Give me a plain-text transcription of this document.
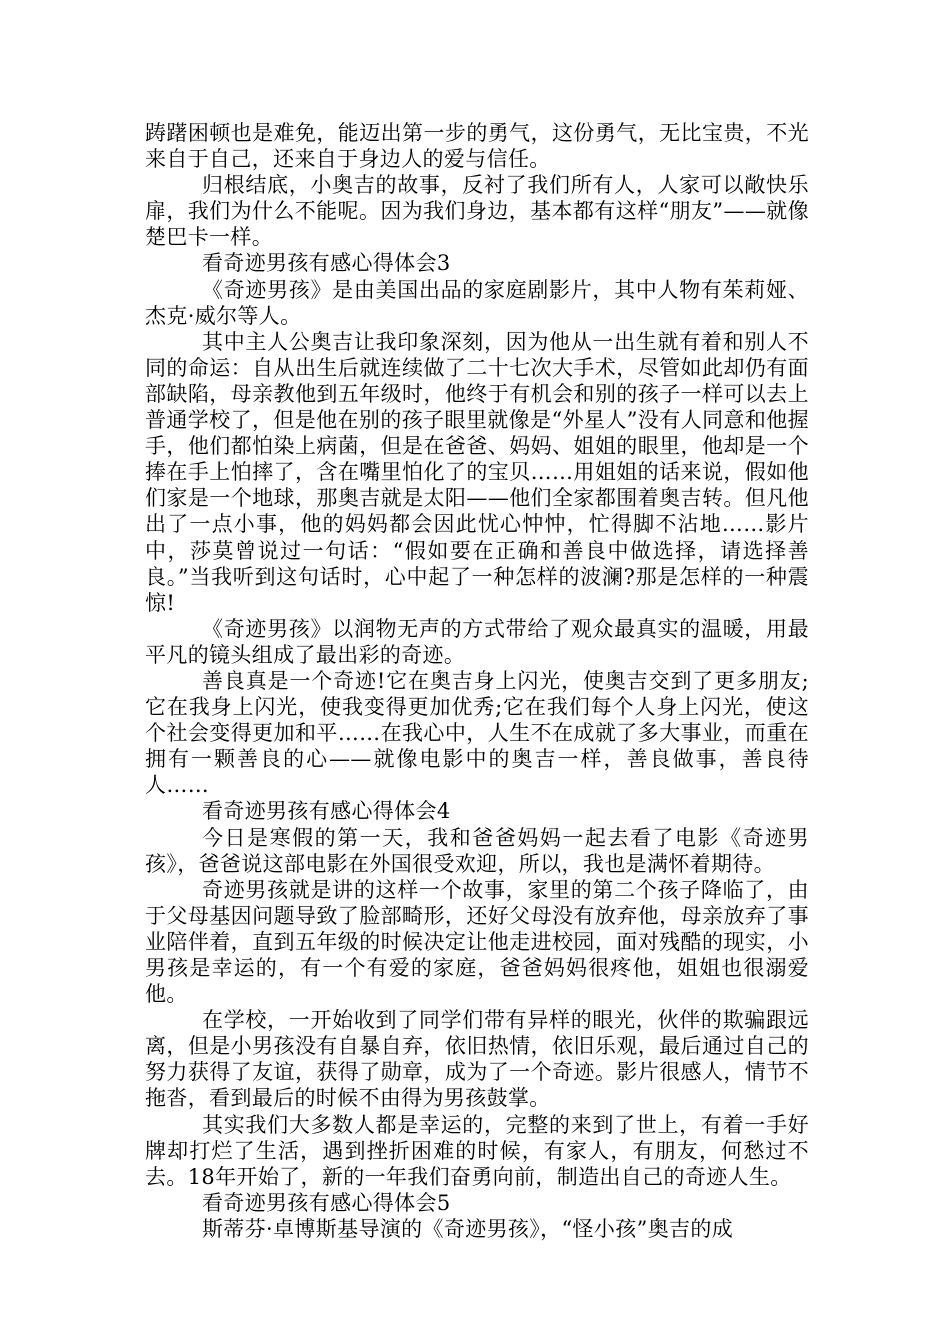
踌躇困顿也是难免，能迈出第一步的勇气，这份勇气，无比宝贵，不光来自于自己，还来自于身边人的爱与信任。

归根结底，小奥吉的故事，反衬了我们所有人，人家可以敞快乐扉，我们为什么不能呢。因为我们身边，基本都有这样“朋友”——就像楚巴卡一样。

看奇迹男孩有感心得体会3

《奇迹男孩》是由美国出品的家庭剧影片，其中人物有茱莉娅、杰克·威尔等人。

其中主人公奥吉让我印象深刻，因为他从一出生就有着和别人不同的命运：自从出生后就连续做了二十七次大手术，尽管如此却仍有面部缺陷，母亲教他到五年级时，他终于有机会和别的孩子一样可以去上普通学校了，但是他在别的孩子眼里就像是“外星人”没有人同意和他握手，他们都怕染上病菌，但是在爸爸、妈妈、姐姐的眼里，他却是一个捧在手上怕摔了，含在嘴里怕化了的宝贝……用姐姐的话来说，假如他们家是一个地球，那奥吉就是太阳——他们全家都围着奥吉转。但凡他出了一点小事，他的妈妈都会因此忧心忡忡，忙得脚不沾地……影片中，莎莫曾说过一句话：“假如要在正确和善良中做选择，请选择善良。”当我听到这句话时，心中起了一种怎样的波澜?那是怎样的一种震惊!

《奇迹男孩》以润物无声的方式带给了观众最真实的温暖，用最平凡的镜头组成了最出彩的奇迹。

善良真是一个奇迹!它在奥吉身上闪光，使奥吉交到了更多朋友;它在我身上闪光，使我变得更加优秀;它在我们每个人身上闪光，使这个社会变得更加和平……在我心中，人生不在成就了多大事业，而重在拥有一颗善良的心——就像电影中的奥吉一样，善良做事，善良待人……

看奇迹男孩有感心得体会4

今日是寒假的第一天，我和爸爸妈妈一起去看了电影《奇迹男孩》，爸爸说这部电影在外国很受欢迎，所以，我也是满怀着期待。

奇迹男孩就是讲的这样一个故事，家里的第二个孩子降临了，由于父母基因问题导致了脸部畸形，还好父母没有放弃他，母亲放弃了事业陪伴着，直到五年级的时候决定让他走进校园，面对残酷的现实，小男孩是幸运的，有一个有爱的家庭，爸爸妈妈很疼他，姐姐也很溺爱他。

在学校，一开始收到了同学们带有异样的眼光，伙伴的欺骗跟远离，但是小男孩没有自暴自弃，依旧热情，依旧乐观，最后通过自己的努力获得了友谊，获得了勋章，成为了一个奇迹。影片很感人，情节不拖沓，看到最后的时候不由得为男孩鼓掌。

其实我们大多数人都是幸运的，完整的来到了世上，有着一手好牌却打烂了生活，遇到挫折困难的时候，有家人，有朋友，何愁过不去。18年开始了，新的一年我们奋勇向前，制造出自己的奇迹人生。

看奇迹男孩有感心得体会5

斯蒂芬·卓博斯基导演的《奇迹男孩》，“怪小孩”奥吉的成
